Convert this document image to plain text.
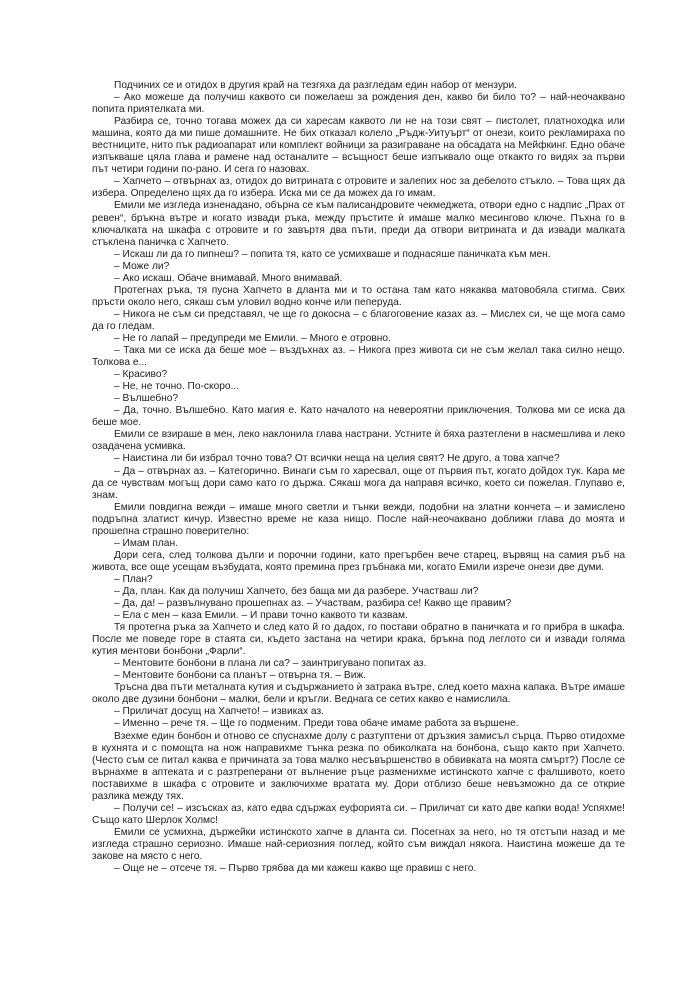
Подчиних се и отидох в другия край на тезгяха да разгледам един набор от мензури.

– Ако можеше да получиш каквото си пожелаеш за рождения ден, какво би било то? – най-неочаквано попита приятелката ми.

Разбира се, точно тогава можех да си харесам каквото ли не на този свят – пистолет, платноходка или машина, която да ми пише домашните. Не бих отказал колело „Ръдж-Уитуърт“ от онези, които рекламираха по вестниците, нито пък радиоапарат или комплект войници за разиграване на обсадата на Мейфкинг. Едно обаче изпъкваше цяла глава и рамене над останалите – всъщност беше изпъквало още откакто го видях за първи път четири години по-рано. И сега го назовах.

– Хапчето – отвърнах аз, отидох до витрината с отровите и залепих нос за дебелото стъкло. – Това щях да избера. Определено щях да го избера. Иска ми се да можех да го имам.

Емили ме изгледа изненадано, обърна се към палисандровите чекмеджета, отвори едно с надпис „Прах от ревен“, бръкна вътре и когато извади ръка, между пръстите ѝ имаше малко месингово ключе. Пъхна го в ключалката на шкафа с отровите и го завъртя два пъти, преди да отвори витрината и да извади малката стъклена паничка с Хапчето.

– Искаш ли да го пипнеш? – попита тя, като се усмихваше и поднасяше паничката към мен.

– Може ли?

– Ако искаш. Обаче внимавай. Много внимавай.

Протегнах ръка, тя пусна Хапчето в дланта ми и то остана там като някаква матовобяла стигма. Свих пръсти около него, сякаш съм уловил водно конче или пеперуда.

– Никога не съм си представял, че ще го докосна – с благоговение казах аз. – Мислех си, че ще мога само да го гледам.

– Не го лапай – предупреди ме Емили. – Много е отровно.

– Така ми се иска да беше мое – въздъхнах аз. – Никога през живота си не съм желал така силно нещо. Толкова е...

– Красиво?

– Не, не точно. По-скоро...

– Вълшебно?

– Да, точно. Вълшебно. Като магия е. Като началото на невероятни приключения. Толкова ми се иска да беше мое.

Емили се взираше в мен, леко наклонила глава настрани. Устните ѝ бяха разтеглени в насмешлива и леко озадачена усмивка.

– Наистина ли би избрал точно това? От всички неща на целия свят? Не друго, а това хапче?

– Да – отвърнах аз. – Категорично. Винаги съм го харесвал, още от първия път, когато дойдох тук. Кара ме да се чувствам могъщ дори само като го държа. Сякаш мога да направя всичко, което си пожелая. Глупаво е, знам.

Емили повдигна вежди – имаше много светли и тънки вежди, подобни на златни кончета – и замислено подръпна златист кичур. Известно време не каза нищо. После най-неочаквано доближи глава до моята и прошепна страшно поверително:

– Имам план.

Дори сега, след толкова дълги и порочни години, като прегърбен вече старец, вървящ на самия ръб на живота, все още усещам възбудата, която премина през гръбнака ми, когато Емили изрече онези две думи.

– План?

– Да, план. Как да получиш Хапчето, без баща ми да разбере. Участваш ли?

– Да, да! – развълнувано прошепнах аз. – Участвам, разбира се! Какво ще правим?

– Ела с мен – каза Емили. – И прави точно каквото ти казвам.

Тя протегна ръка за Хапчето и след като й го дадох, го постави обратно в паничката и го прибра в шкафа. После ме поведе горе в стаята си, където застана на четири крака, бръкна под леглото си и извади голяма кутия ментови бонбони „Фарли“.

– Ментовите бонбони в плана ли са? – заинтригувано попитах аз.

– Ментовите бонбони са планът – отвърна тя. – Виж.

Тръсна два пъти металната кутия и съдържанието ѝ затрака вътре, след което махна капака. Вътре имаше около две дузини бонбони – малки, бели и кръгли. Веднага се сетих какво е намислила.

– Приличат досущ на Хапчето! – извиках аз.

– Именно – рече тя. – Ще го подменим. Преди това обаче имаме работа за вършене.

Взехме един бонбон и отново се спуснахме долу с разтуптени от дръзкия замисъл сърца. Първо отидохме в кухнята и с помощта на нож направихме тънка резка по обиколката на бонбона, също както при Хапчето. (Често съм се питал каква е причината за това малко несъвършенство в обвивката на моята смърт?) После се върнахме в аптеката и с разтреперани от вълнение ръце разменихме истинското хапче с фалшивото, което поставихме в шкафа с отровите и заключихме вратата му. Дори отблизо беше невъзможно да се открие разлика между тях.

– Получи се! – изсъсках аз, като едва сдържах еуфорията си. – Приличат си като две капки вода! Успяхме! Също като Шерлок Холмс!

Емили се усмихна, държейки истинското хапче в дланта си. Посегнах за него, но тя отстъпи назад и ме изгледа страшно сериозно. Имаше най-сериозния поглед, който съм виждал някога. Наистина можеше да те закове на място с него.

– Още не – отсече тя. – Първо трябва да ми кажеш какво ще правиш с него.
